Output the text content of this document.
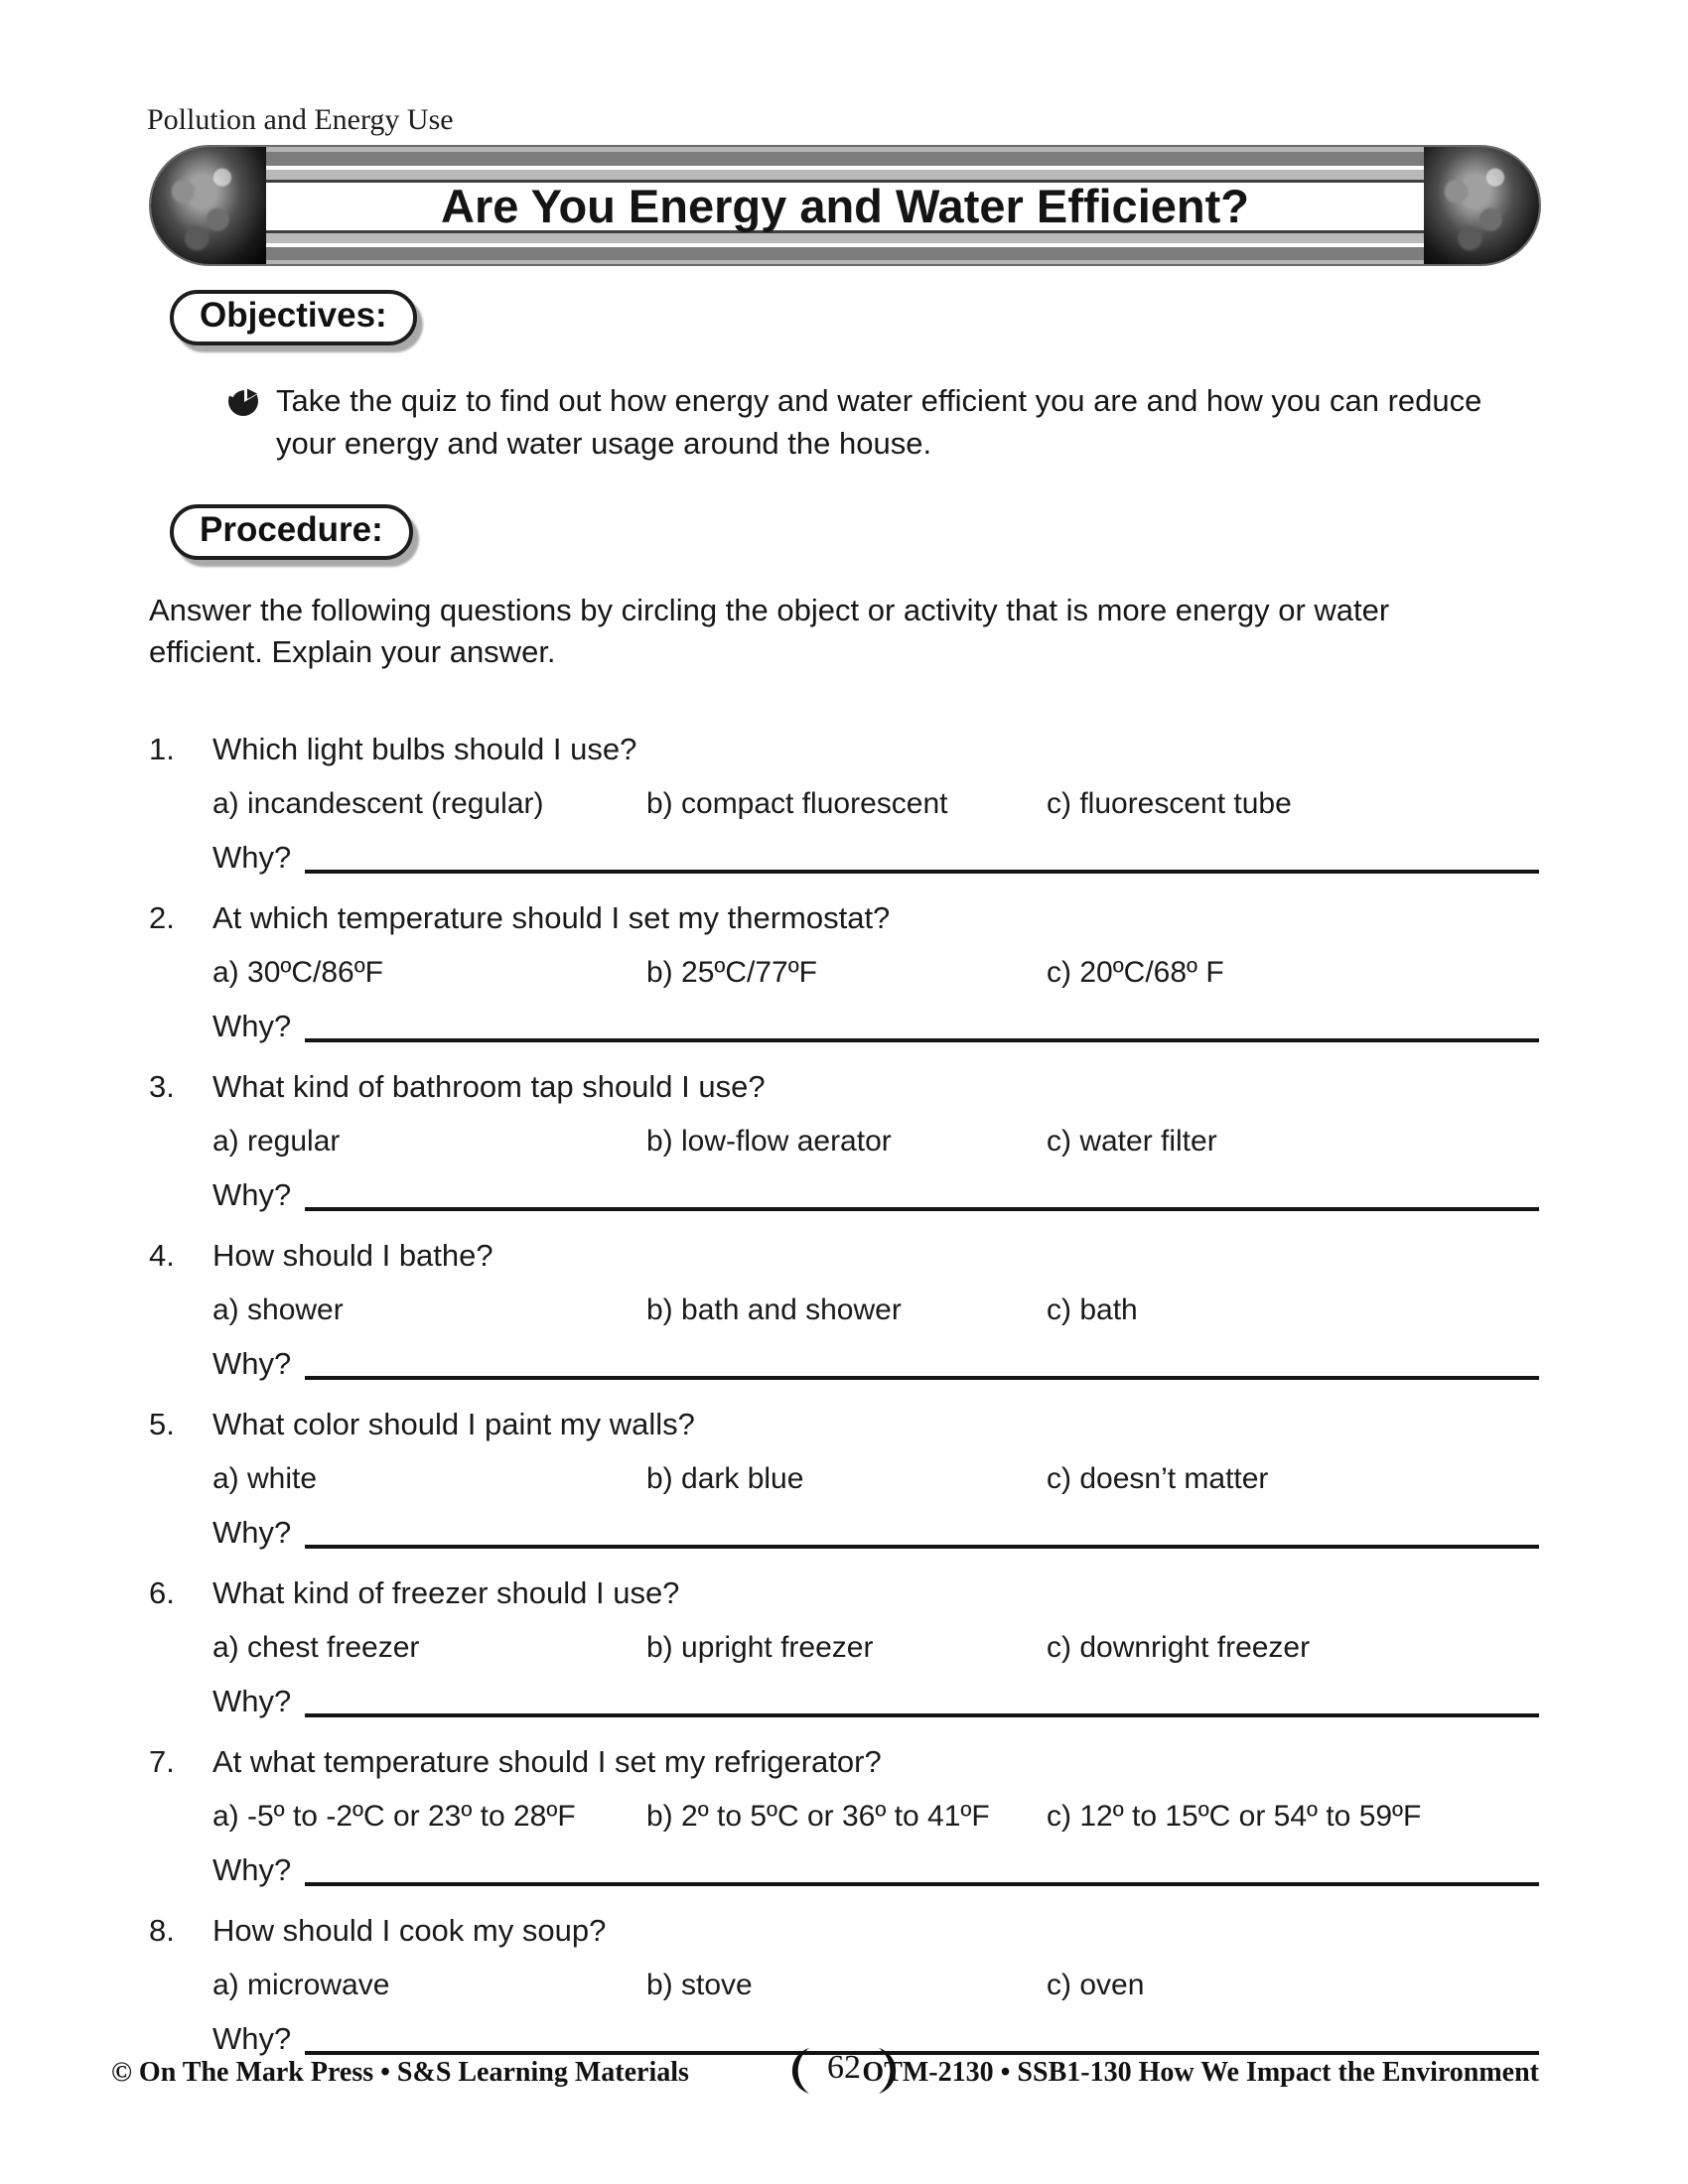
Pollution and Energy Use
Are You Energy and Water Efficient?
Objectives:
Take the quiz to find out how energy and water efficient you are and how you can reduce your energy and water usage around the house.
Procedure:
Answer the following questions by circling the object or activity that is more energy or water efficient. Explain your answer.
1.	Which light bulbs should I use?
a) incandescent (regular)	b) compact fluorescent	c) fluorescent tube
Why?
2.	At which temperature should I set my thermostat?
a) 30ºC/86ºF	b) 25ºC/77ºF	c) 20ºC/68º F
Why?
3.	What kind of bathroom tap should I use?
a) regular	b) low-flow aerator	c) water filter
Why?
4.	How should I bathe?
a) shower	b) bath and shower	c) bath
Why?
5.	What color should I paint my walls?
a) white	b) dark blue	c) doesn’t matter
Why?
6.	What kind of freezer should I use?
a) chest freezer	b) upright freezer	c) downright freezer
Why?
7.	At what temperature should I set my refrigerator?
a) -5º to -2ºC or 23º to 28ºF	b) 2º to 5ºC or 36º to 41ºF	c) 12º to 15ºC or 54º to 59ºF
Why?
8.	How should I cook my soup?
a) microwave	b) stove	c) oven
Why?
© On The Mark Press • S&S Learning Materials	62 OTM-2130 • SSB1-130 How We Impact the Environment
